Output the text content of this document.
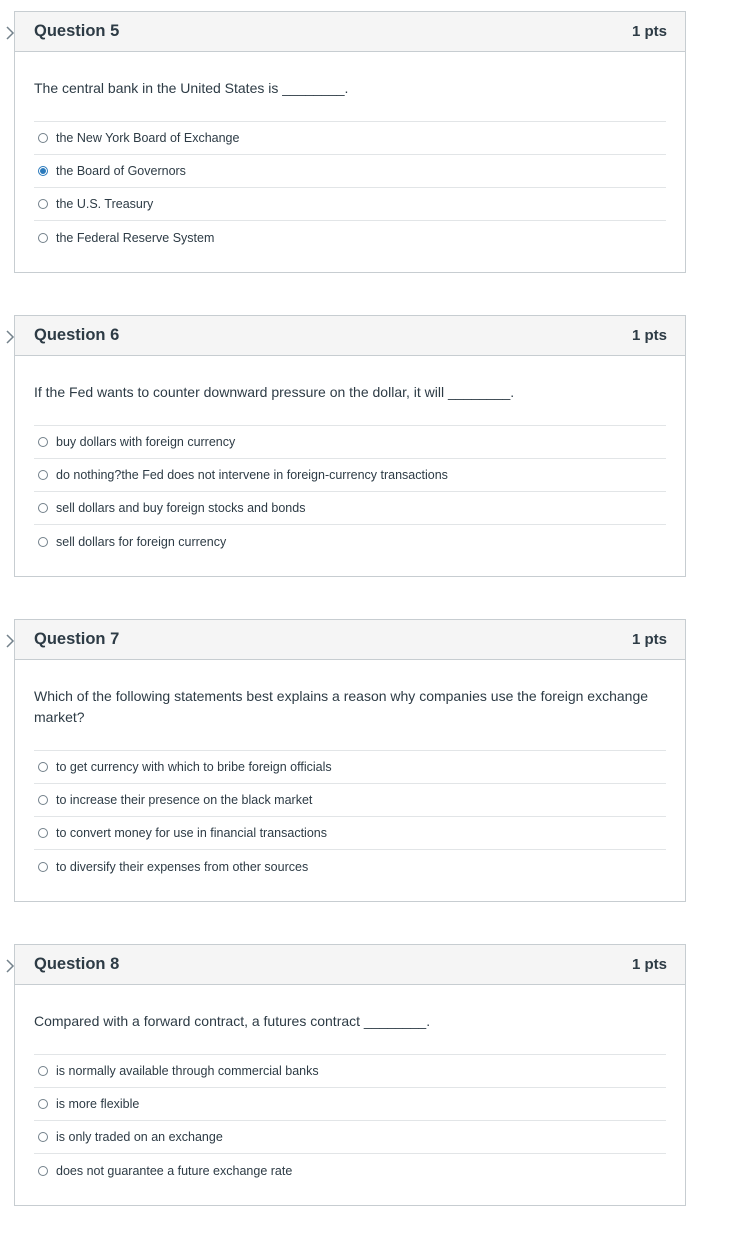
Question 5	1 pts
The central bank in the United States is ________.
the New York Board of Exchange
the Board of Governors
the U.S. Treasury
the Federal Reserve System
Question 6	1 pts
If the Fed wants to counter downward pressure on the dollar, it will ________.
buy dollars with foreign currency
do nothing?the Fed does not intervene in foreign-currency transactions
sell dollars and buy foreign stocks and bonds
sell dollars for foreign currency
Question 7	1 pts
Which of the following statements best explains a reason why companies use the foreign exchange market?
to get currency with which to bribe foreign officials
to increase their presence on the black market
to convert money for use in financial transactions
to diversify their expenses from other sources
Question 8	1 pts
Compared with a forward contract, a futures contract ________.
is normally available through commercial banks
is more flexible
is only traded on an exchange
does not guarantee a future exchange rate
